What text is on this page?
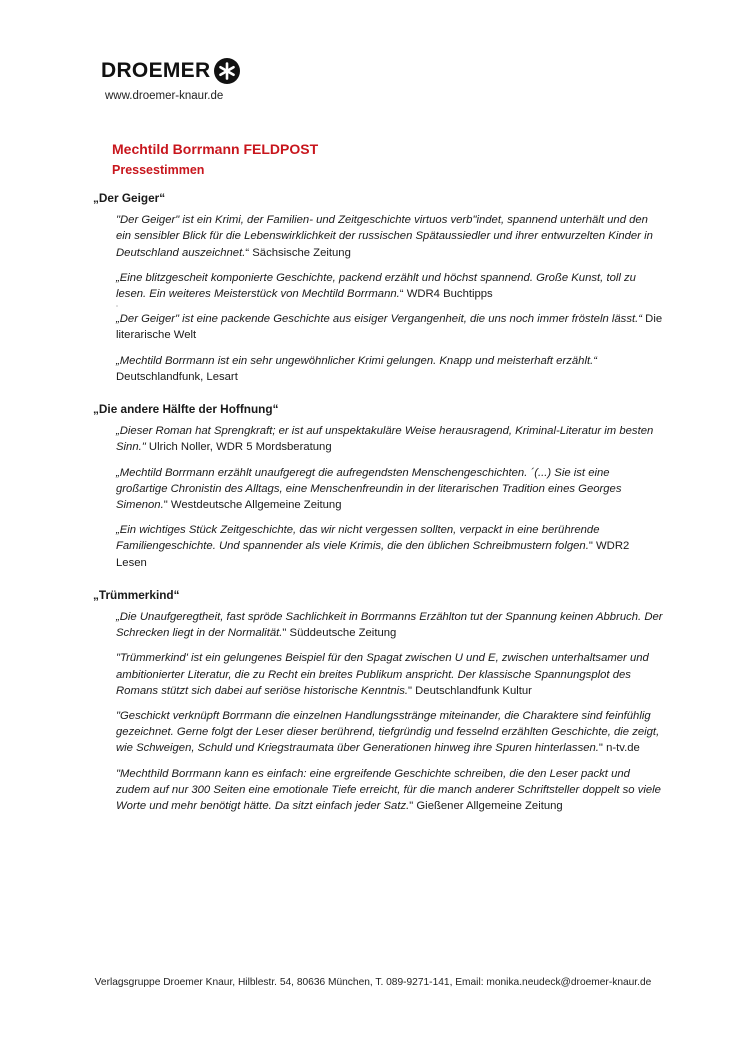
DROEMER
www.droemer-knaur.de
Mechtild Borrmann FELDPOST
Pressestimmen
„Der Geiger“
"Der Geiger" ist ein Krimi, der Familien- und Zeitgeschichte virtuos verb"indet, spannend unterhält und den ein sensibler Blick für die Lebenswirklichkeit der russischen Spätaussiedler und ihrer entwurzelten Kinder in Deutschland auszeichnet.“ Sächsische Zeitung
„Eine blitzgescheit komponierte Geschichte, packend erzählt und höchst spannend. Große Kunst, toll zu lesen. Ein weiteres Meisterstück von Mechtild Borrmann.“ WDR4 Buchtipps
°
„Der Geiger" ist eine packende Geschichte aus eisiger Vergangenheit, die uns noch immer frösteln lässt.“ Die literarische Welt
„Mechtild Borrmann ist ein sehr ungewöhnlicher Krimi gelungen. Knapp und meisterhaft erzählt.“ Deutschlandfunk, Lesart
„Die andere Hälfte der Hoffnung“
„Dieser Roman hat Sprengkraft; er ist auf unspektakuläre Weise herausragend, Kriminal-Literatur im besten Sinn." Ulrich Noller, WDR 5 Mordsberatung
„Mechtild Borrmann erzählt unaufgeregt die aufregendsten Menschengeschichten. ´(...) Sie ist eine großartige Chronistin des Alltags, eine Menschenfreundin in der literarischen Tradition eines Georges Simenon." Westdeutsche Allgemeine Zeitung
„Ein wichtiges Stück Zeitgeschichte, das wir nicht vergessen sollten, verpackt in eine berührende Familiengeschichte. Und spannender als viele Krimis, die den üblichen Schreibmustern folgen." WDR2 Lesen
„Trümmerkind“
„Die Unaufgeregtheit, fast spröde Sachlichkeit in Borrmanns Erzählton tut der Spannung keinen Abbruch. Der Schrecken liegt in der Normalität." Süddeutsche Zeitung
"Trümmerkind' ist ein gelungenes Beispiel für den Spagat zwischen U und E, zwischen unterhaltsamer und ambitionierter Literatur, die zu Recht ein breites Publikum anspricht. Der klassische Spannungsplot des Romans stützt sich dabei auf seriöse historische Kenntnis." Deutschlandfunk Kultur
"Geschickt verknüpft Borrmann die einzelnen Handlungsstränge miteinander, die Charaktere sind feinfühlig gezeichnet. Gerne folgt der Leser dieser berührend, tiefgründig und fesselnd erzählten Geschichte, die zeigt, wie Schweigen, Schuld und Kriegstraumata über Generationen hinweg ihre Spuren hinterlassen." n-tv.de
"Mechthild Borrmann kann es einfach: eine ergreifende Geschichte schreiben, die den Leser packt und zudem auf nur 300 Seiten eine emotionale Tiefe erreicht, für die manch anderer Schriftsteller doppelt so viele Worte und mehr benötigt hätte. Da sitzt einfach jeder Satz." Gießener Allgemeine Zeitung
Verlagsgruppe Droemer Knaur, Hilblestr. 54, 80636 München, T. 089-9271-141, Email: monika.neudeck@droemer-knaur.de
